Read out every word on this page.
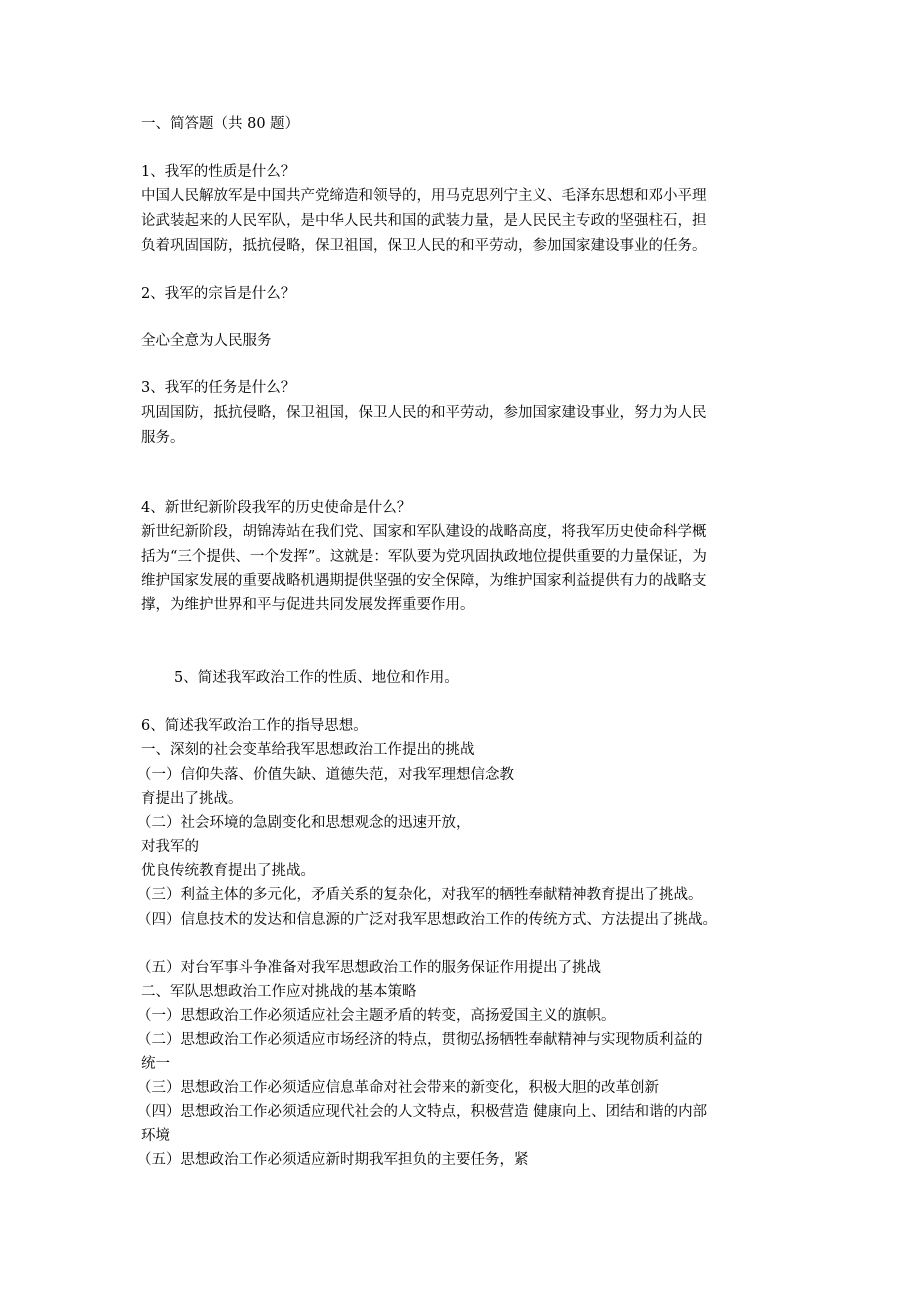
一、简答题（共 80 题）

1、我军的性质是什么？

中国人民解放军是中国共产党缔造和领导的，用马克思列宁主义、毛泽东思想和邓小平理

论武装起来的人民军队，是中华人民共和国的武装力量，是人民民主专政的坚强柱石，担

负着巩固国防，抵抗侵略，保卫祖国，保卫人民的和平劳动，参加国家建设事业的任务。

2、我军的宗旨是什么？

全心全意为人民服务

3、我军的任务是什么？

巩固国防，抵抗侵略，保卫祖国，保卫人民的和平劳动，参加国家建设事业，努力为人民

服务。

4、新世纪新阶段我军的历史使命是什么？

新世纪新阶段，胡锦涛站在我们党、国家和军队建设的战略高度，将我军历史使命科学概

括为“三个提供、一个发挥”。这就是：军队要为党巩固执政地位提供重要的力量保证，为

维护国家发展的重要战略机遇期提供坚强的安全保障，为维护国家利益提供有力的战略支

撑，为维护世界和平与促进共同发展发挥重要作用。

5、简述我军政治工作的性质、地位和作用。

6、简述我军政治工作的指导思想。

一、深刻的社会变革给我军思想政治工作提出的挑战

（一）信仰失落、价值失缺、道德失范，对我军理想信念教

育提出了挑战。

（二）社会环境的急剧变化和思想观念的迅速开放，

对我军的

优良传统教育提出了挑战。

（三）利益主体的多元化，矛盾关系的复杂化，对我军的牺牲奉献精神教育提出了挑战。

（四）信息技术的发达和信息源的广泛对我军思想政治工作的传统方式、方法提出了挑战。

（五）对台军事斗争准备对我军思想政治工作的服务保证作用提出了挑战

二、军队思想政治工作应对挑战的基本策略

（一）思想政治工作必须适应社会主题矛盾的转变，高扬爱国主义的旗帜。

（二）思想政治工作必须适应市场经济的特点，贯彻弘扬牺牲奉献精神与实现物质利益的

统一

（三）思想政治工作必须适应信息革命对社会带来的新变化，积极大胆的改革创新

（四）思想政治工作必须适应现代社会的人文特点，积极营造 健康向上、团结和谐的内部

环境

（五）思想政治工作必须适应新时期我军担负的主要任务，紧
